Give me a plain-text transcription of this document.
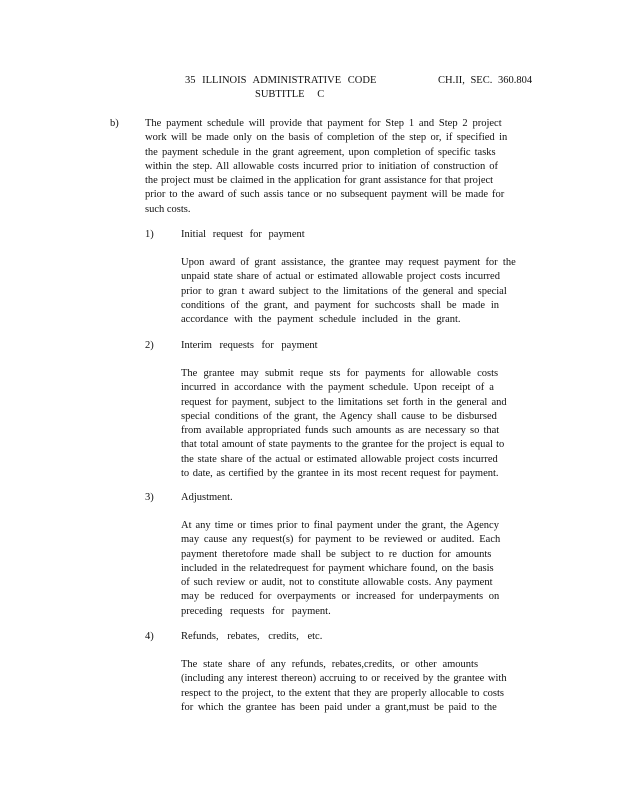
35 ILLINOIS ADMINISTRATIVE CODE	CH.II, SEC. 360.804
SUBTITLE C
b)	The payment schedule will provide that payment for Step 1 and Step 2 project
work will be made only on the basis of completion of the step or, if specified in
the payment schedule in the grant agreement, upon completion of specific tasks
within the step. All allowable costs incurred prior to initiation of construction of
the project must be claimed in the application for grant assistance for that project
prior to the award of such assis tance or no subsequent payment will be made for
such costs.
1)	Initial request for payment
Upon award of grant assistance, the grantee may request payment for the
unpaid state share of actual or estimated allowable project costs incurred
prior to gran t award subject to the limitations of the general and special
conditions of the grant, and payment for suchcosts shall be made in
accordance with the payment schedule included in the grant.
2)	Interim requests for payment
The grantee may submit reque sts for payments for allowable costs
incurred in accordance with the payment schedule. Upon receipt of a
request for payment, subject to the limitations set forth in the general and
special conditions of the grant, the Agency shall cause to be disbursed
from available appropriated funds such amounts as are necessary so that
that total amount of state payments to the grantee for the project is equal to
the state share of the actual or estimated allowable project costs incurred
to date, as certified by the grantee in its most recent request for payment.
3)	Adjustment.
At any time or times prior to final payment under the grant, the Agency
may cause any request(s) for payment to be reviewed or audited. Each
payment theretofore made shall be subject to re duction for amounts
included in the relatedrequest for payment whichare found, on the basis
of such review or audit, not to constitute allowable costs. Any payment
may be reduced for overpayments or increased for underpayments on
preceding requests for payment.
4)	Refunds, rebates, credits, etc.
The state share of any refunds, rebates,credits, or other amounts
(including any interest thereon) accruing to or received by the grantee with
respect to the project, to the extent that they are properly allocable to costs
for which the grantee has been paid under a grant,must be paid to the
